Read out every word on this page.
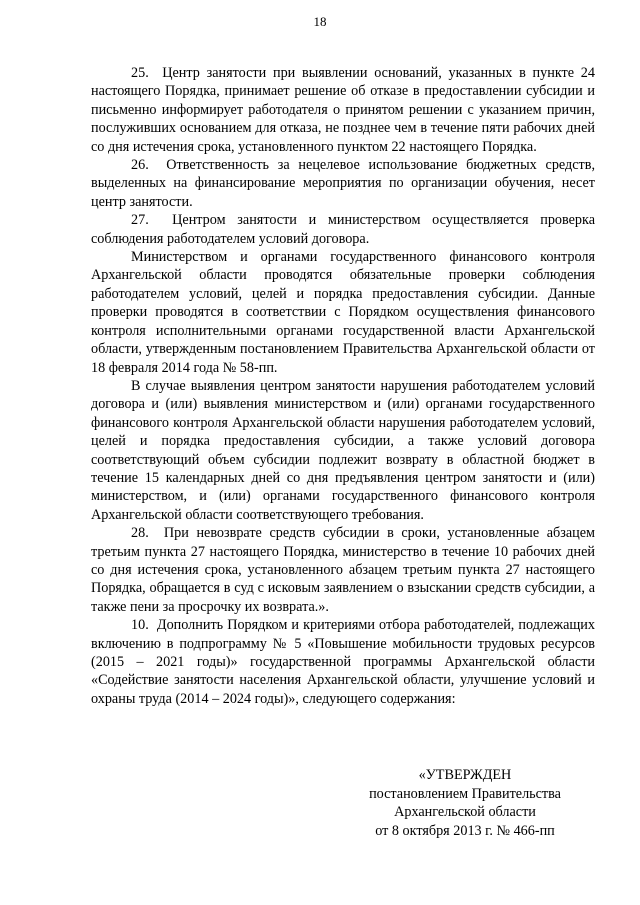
18

25.  Центр занятости при выявлении оснований, указанных в пункте 24 настоящего Порядка, принимает решение об отказе в предоставлении субсидии и письменно информирует работодателя о принятом решении с указанием причин, послуживших основанием для отказа, не позднее чем в течение пяти рабочих дней со дня истечения срока, установленного пунктом 22 настоящего Порядка.

26.  Ответственность за нецелевое использование бюджетных средств, выделенных на финансирование мероприятия по организации обучения, несет центр занятости.

27.  Центром занятости и министерством осуществляется проверка соблюдения работодателем условий договора.

Министерством и органами государственного финансового контроля Архангельской области проводятся обязательные проверки соблюдения работодателем условий, целей и порядка предоставления субсидии. Данные проверки проводятся в соответствии с Порядком осуществления финансового контроля исполнительными органами государственной власти Архангельской области, утвержденным постановлением Правительства Архангельской области от 18 февраля 2014 года № 58-пп.

В случае выявления центром занятости нарушения работодателем условий договора и (или) выявления министерством и (или) органами государственного финансового контроля Архангельской области нарушения работодателем условий, целей и порядка предоставления субсидии, а также условий договора соответствующий объем субсидии подлежит возврату в областной бюджет в течение 15 календарных дней со дня предъявления центром занятости и (или) министерством, и (или) органами государственного финансового контроля Архангельской области соответствующего требования.

28.  При невозврате средств субсидии в сроки, установленные абзацем третьим пункта 27 настоящего Порядка, министерство в течение 10 рабочих дней со дня истечения срока, установленного абзацем третьим пункта 27 настоящего Порядка, обращается в суд с исковым заявлением о взыскании средств субсидии, а также пени за просрочку их возврата.».

10.  Дополнить Порядком и критериями отбора работодателей, подлежащих включению в подпрограмму № 5 «Повышение мобильности трудовых ресурсов (2015 – 2021 годы)» государственной программы Архангельской области «Содействие занятости населения Архангельской области, улучшение условий и охраны труда (2014 – 2024 годы)», следующего содержания:

«УТВЕРЖДЕН
постановлением Правительства
Архангельской области
от 8 октября 2013 г. № 466-пп
